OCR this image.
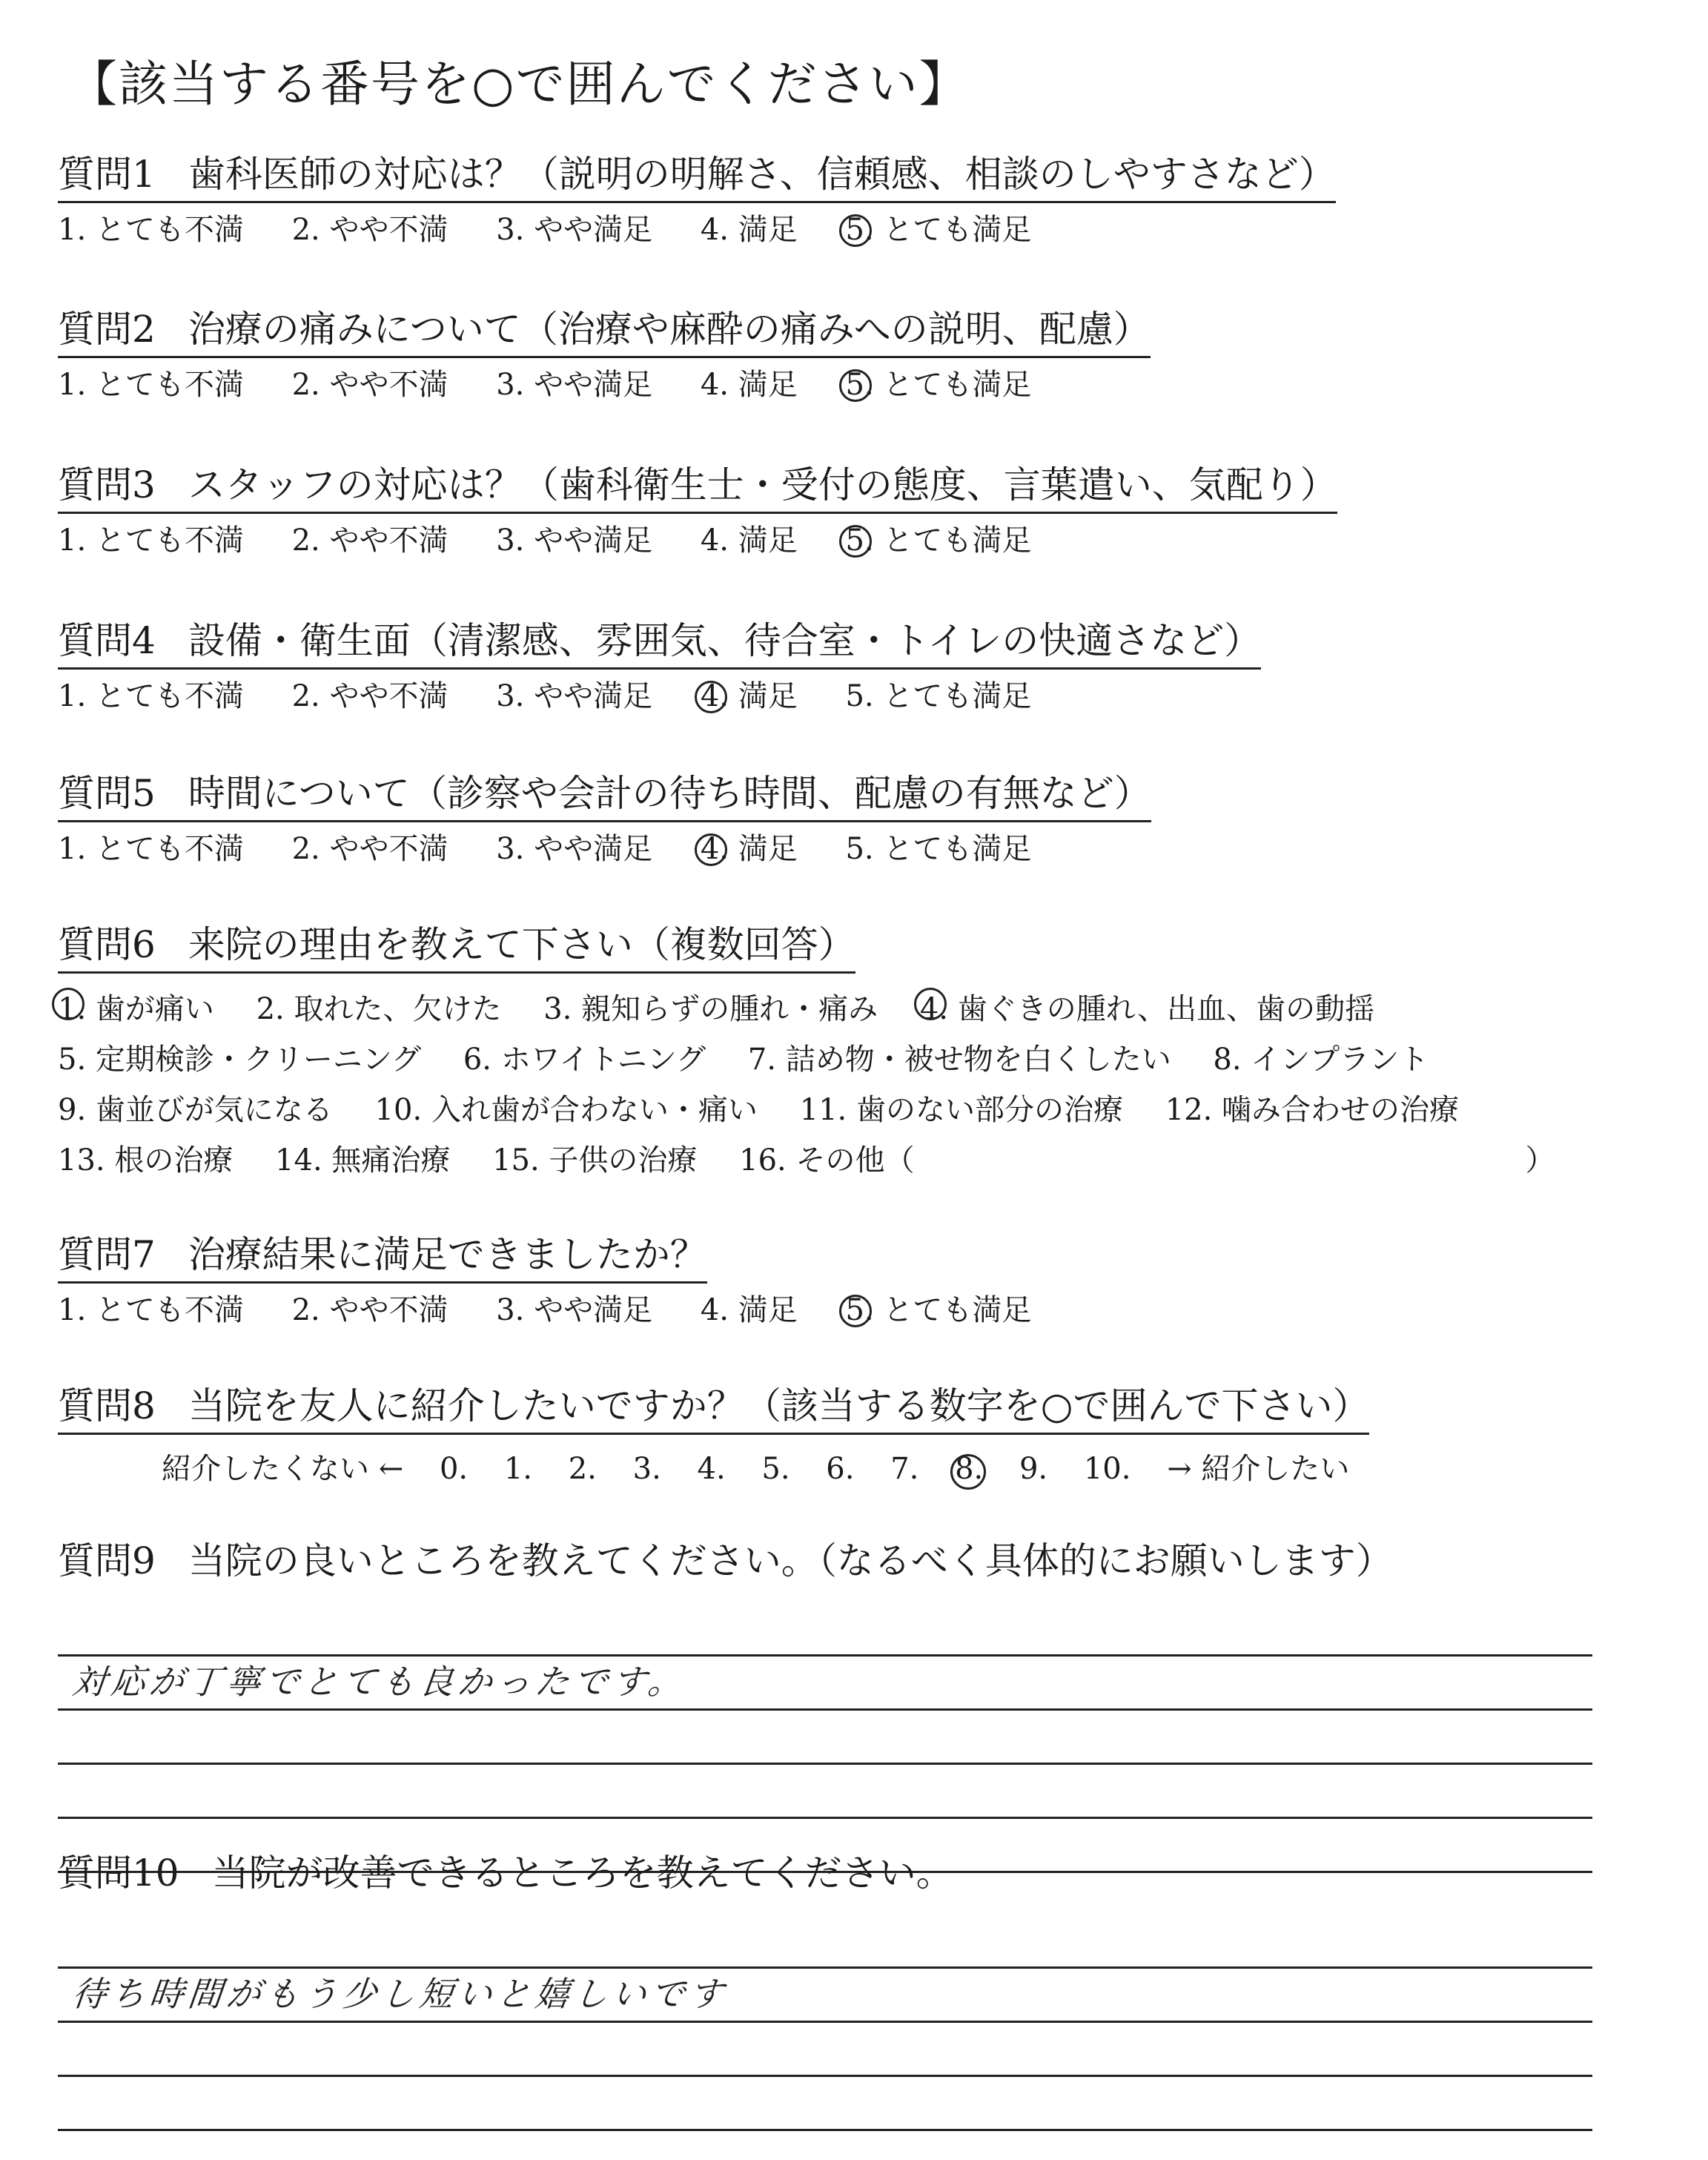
【該当する番号を○で囲んでください】
質問1 歯科医師の対応は？（説明の明解さ、信頼感、相談のしやすさなど）
1. とても不満 2. やや不満 3. やや満足 4. 満足 5. とても満足
質問2 治療の痛みについて（治療や麻酔の痛みへの説明、配慮）
1. とても不満 2. やや不満 3. やや満足 4. 満足 5. とても満足
質問3 スタッフの対応は？（歯科衛生士・受付の態度、言葉遣い、気配り）
1. とても不満 2. やや不満 3. やや満足 4. 満足 5. とても満足
質問4 設備・衛生面（清潔感、雰囲気、待合室・トイレの快適さなど）
1. とても不満 2. やや不満 3. やや満足 4. 満足 5. とても満足
質問5 時間について（診察や会計の待ち時間、配慮の有無など）
1. とても不満 2. やや不満 3. やや満足 4. 満足 5. とても満足
質問6 来院の理由を教えて下さい（複数回答）
1. 歯が痛い 2. 取れた、欠けた 3. 親知らずの腫れ・痛み 4. 歯ぐきの腫れ、出血、歯の動揺
5. 定期検診・クリーニング 6. ホワイトニング 7. 詰め物・被せ物を白くしたい 8. インプラント
9. 歯並びが気になる 10. 入れ歯が合わない・痛い 11. 歯のない部分の治療 12. 噛み合わせの治療
13. 根の治療 14. 無痛治療 15. 子供の治療 16. その他（	）
質問7 治療結果に満足できましたか？
1. とても不満 2. やや不満 3. やや満足 4. 満足 5. とても満足
質問8 当院を友人に紹介したいですか？（該当する数字を○で囲んで下さい）
紹介したくない ← 0. 1. 2. 3. 4. 5. 6. 7. 8. 9. 10. → 紹介したい
質問9 当院の良いところを教えてください。（なるべく具体的にお願いします）
対応が丁寧でとても良かったです。
質問10 当院が改善できるところを教えてください。
待ち時間がもう少し短いと嬉しいです
